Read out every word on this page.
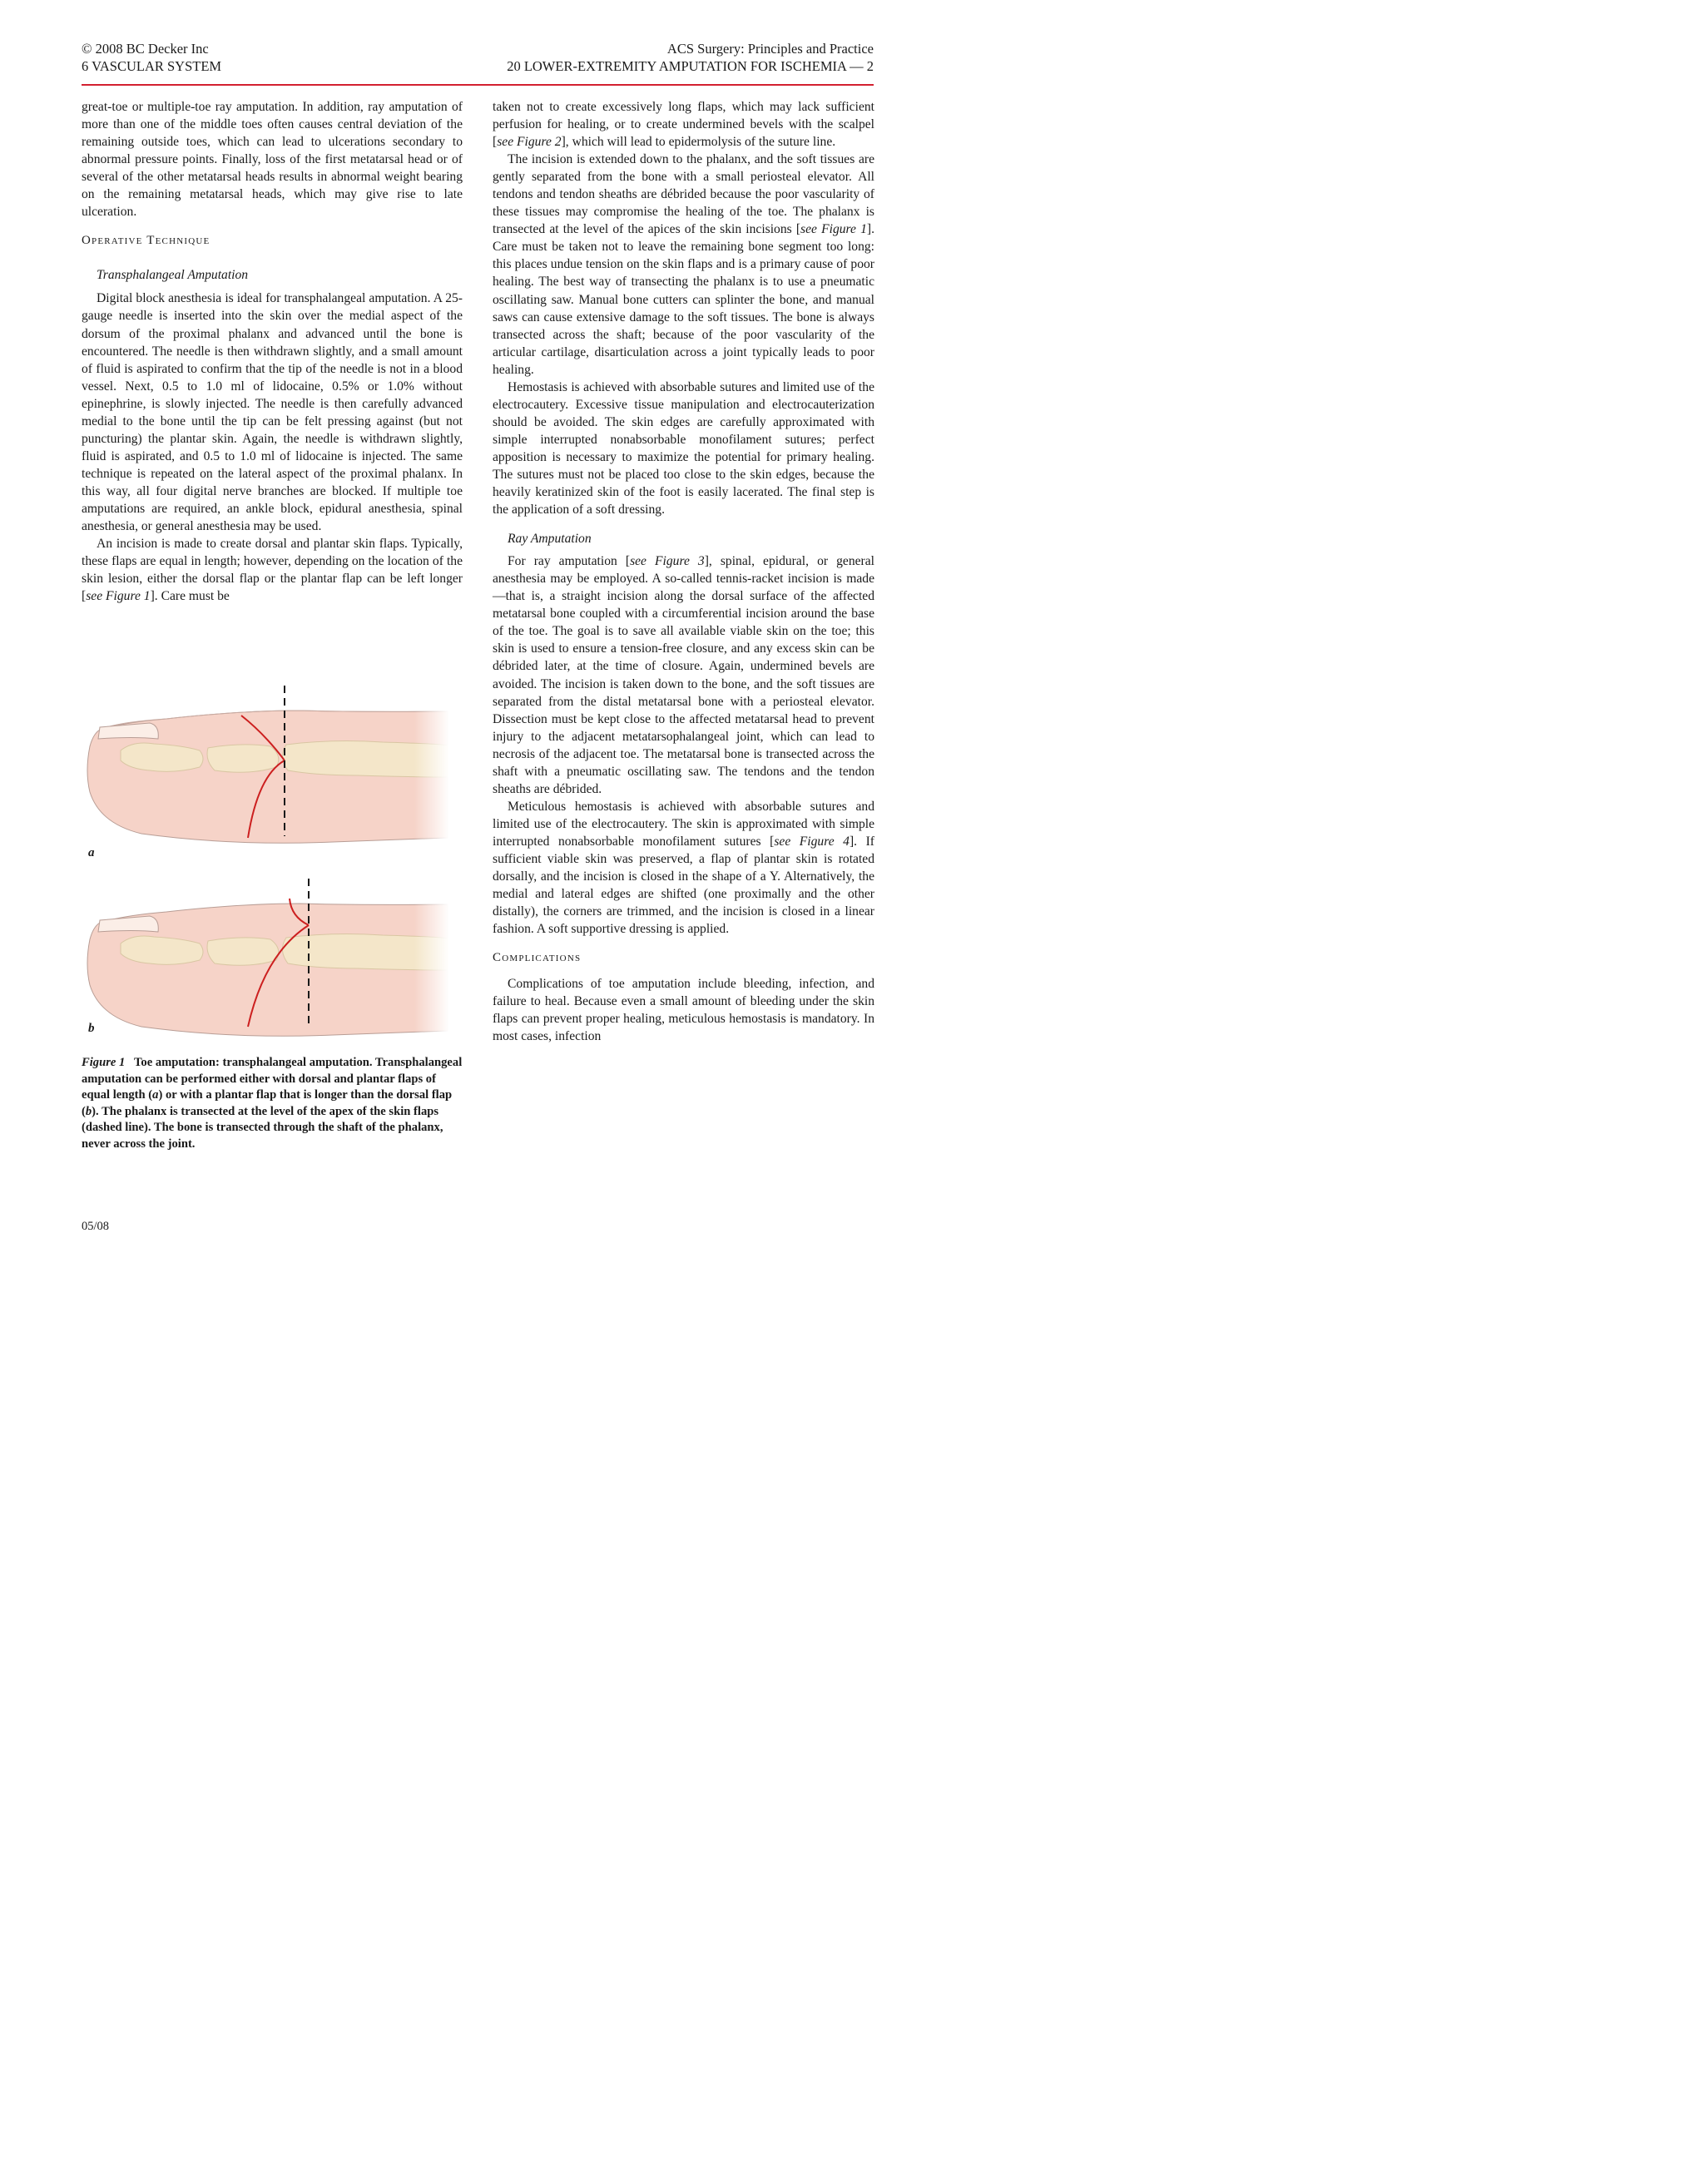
© 2008 BC Decker Inc
6 VASCULAR SYSTEM
ACS Surgery: Principles and Practice
20 LOWER-EXTREMITY AMPUTATION FOR ISCHEMIA — 2

great-toe or multiple-toe ray amputation. In addition, ray amputation of more than one of the middle toes often causes central deviation of the remaining outside toes, which can lead to ulcerations secondary to abnormal pressure points. Finally, loss of the first metatarsal head or of several of the other metatarsal heads results in abnormal weight bearing on the remaining metatarsal heads, which may give rise to late ulceration.

Operative Technique

Transphalangeal Amputation

Digital block anesthesia is ideal for transphalangeal amputation. A 25-gauge needle is inserted into the skin over the medial aspect of the dorsum of the proximal phalanx and advanced until the bone is encountered. The needle is then withdrawn slightly, and a small amount of fluid is aspirated to confirm that the tip of the needle is not in a blood vessel. Next, 0.5 to 1.0 ml of lidocaine, 0.5% or 1.0% without epinephrine, is slowly injected. The needle is then carefully advanced medial to the bone until the tip can be felt pressing against (but not puncturing) the plantar skin. Again, the needle is withdrawn slightly, fluid is aspirated, and 0.5 to 1.0 ml of lidocaine is injected. The same technique is repeated on the lateral aspect of the proximal phalanx. In this way, all four digital nerve branches are blocked. If multiple toe amputations are required, an ankle block, epidural anesthesia, spinal anesthesia, or general anesthesia may be used.

An incision is made to create dorsal and plantar skin flaps. Typically, these flaps are equal in length; however, depending on the location of the skin lesion, either the dorsal flap or the plantar flap can be left longer [see Figure 1]. Care must be

a
b
Figure 1 Toe amputation: transphalangeal amputation. Transphalangeal amputation can be performed either with dorsal and plantar flaps of equal length (a) or with a plantar flap that is longer than the dorsal flap (b). The phalanx is transected at the level of the apex of the skin flaps (dashed line). The bone is transected through the shaft of the phalanx, never across the joint.

taken not to create excessively long flaps, which may lack sufficient perfusion for healing, or to create undermined bevels with the scalpel [see Figure 2], which will lead to epidermolysis of the suture line.

The incision is extended down to the phalanx, and the soft tissues are gently separated from the bone with a small periosteal elevator. All tendons and tendon sheaths are débrided because the poor vascularity of these tissues may compromise the healing of the toe. The phalanx is transected at the level of the apices of the skin incisions [see Figure 1]. Care must be taken not to leave the remaining bone segment too long: this places undue tension on the skin flaps and is a primary cause of poor healing. The best way of transecting the phalanx is to use a pneumatic oscillating saw. Manual bone cutters can splinter the bone, and manual saws can cause extensive damage to the soft tissues. The bone is always transected across the shaft; because of the poor vascularity of the articular cartilage, disarticulation across a joint typically leads to poor healing.

Hemostasis is achieved with absorbable sutures and limited use of the electrocautery. Excessive tissue manipulation and electrocauterization should be avoided. The skin edges are carefully approximated with simple interrupted nonabsorbable monofilament sutures; perfect apposition is necessary to maximize the potential for primary healing. The sutures must not be placed too close to the skin edges, because the heavily keratinized skin of the foot is easily lacerated. The final step is the application of a soft dressing.

Ray Amputation

For ray amputation [see Figure 3], spinal, epidural, or general anesthesia may be employed. A so-called tennis-racket incision is made—that is, a straight incision along the dorsal surface of the affected metatarsal bone coupled with a circumferential incision around the base of the toe. The goal is to save all available viable skin on the toe; this skin is used to ensure a tension-free closure, and any excess skin can be débrided later, at the time of closure. Again, undermined bevels are avoided. The incision is taken down to the bone, and the soft tissues are separated from the distal metatarsal bone with a periosteal elevator. Dissection must be kept close to the affected metatarsal head to prevent injury to the adjacent metatarsophalangeal joint, which can lead to necrosis of the adjacent toe. The metatarsal bone is transected across the shaft with a pneumatic oscillating saw. The tendons and the tendon sheaths are débrided.

Meticulous hemostasis is achieved with absorbable sutures and limited use of the electrocautery. The skin is approximated with simple interrupted nonabsorbable monofilament sutures [see Figure 4]. If sufficient viable skin was preserved, a flap of plantar skin is rotated dorsally, and the incision is closed in the shape of a Y. Alternatively, the medial and lateral edges are shifted (one proximally and the other distally), the corners are trimmed, and the incision is closed in a linear fashion. A soft supportive dressing is applied.

Complications

Complications of toe amputation include bleeding, infection, and failure to heal. Because even a small amount of bleeding under the skin flaps can prevent proper healing, meticulous hemostasis is mandatory. In most cases, infection

05/08
